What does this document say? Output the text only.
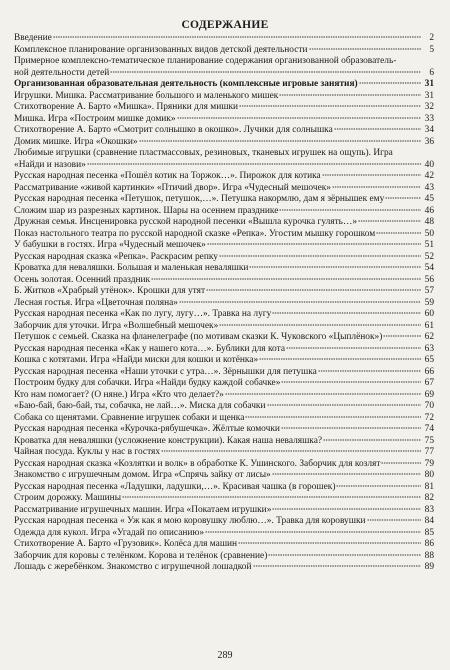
СОДЕРЖАНИЕ
Введение	2
Комплексное планирование организованных видов детской деятельности	5
Примерное комплексно-тематическое планирование содержания организованной образователь-
ной деятельности детей	6
Организованная образовательная деятельность (комплексные игровые занятия)	31
Игрушки. Мишка. Рассматривание большого и маленького мишек	31
Стихотворение А. Барто «Мишка». Пряники для мишки	32
Мишка. Игра «Построим мишке домик»	33
Стихотворение А. Барто «Смотрит солнышко в окошко». Лучики для солнышка	34
Домик мишке. Игра «Окошки»	36
Любимые игрушки (сравнение пластмассовых, резиновых, тканевых игрушек на ощупь). Игра
«Найди и назови»	40
Русская народная песенка «Пошёл котик на Торжок…». Пирожок для котика	42
Рассматривание «живой картинки» «Птичий двор». Игра «Чудесный мешочек»	43
Русская народная песенка «Петушок, петушок,…». Петушка накормлю, дам я зёрнышек ему	45
Сложим шар из разрезных картинок. Шары на осеннем празднике	46
Дружная семья. Инсценировка русской народной песенки «Вышла курочка гулять…»	48
Показ настольного театра по русской народной сказке «Репка». Угостим мышку горошком	50
У бабушки в гостях. Игра «Чудесный мешочек»	51
Русская народная сказка «Репка». Раскрасим репку	52
Кроватка для неваляшки. Большая и маленькая неваляшки	54
Осень золотая. Осенний праздник	56
Б. Житков «Храбрый утёнок». Крошки для утят	57
Лесная гостья. Игра «Цветочная поляна»	59
Русская народная песенка «Как по лугу, лугу…». Травка на лугу	60
Заборчик для уточки. Игра «Волшебный мешочек»	61
Петушок с семьей. Сказка на фланелеграфе (по мотивам сказки К. Чуковского «Цыплёнок»)	62
Русская народная песенка «Как у нашего кота…». Бублики для кота	63
Кошка с котятами. Игра «Найди миски для кошки и котёнка»	65
Русская народная песенка «Наши уточки с утра…». Зёрнышки для петушка	66
Построим будку для собачки. Игра «Найди будку каждой собачке»	67
Кто нам помогает? (О няне.) Игра «Кто что делает?»	69
«Баю-бай, баю-бай, ты, собачка, не лай…». Миска для собачки	70
Собака со щенятами. Сравнение игрушек собаки и щенка	72
Русская народная песенка «Курочка-рябушечка». Жёлтые комочки	74
Кроватка для неваляшки (усложнение конструкции). Какая наша неваляшка?	75
Чайная посуда. Куклы у нас в гостях	77
Русская народная сказка «Козлятки и волк» в обработке К. Ушинского. Заборчик для козлят	79
Знакомство с игрушечным домом. Игра «Спрячь зайку от лисы»	80
Русская народная песенка «Ладушки, ладушки,…». Красивая чашка (в горошек)	81
Строим дорожку. Машины	82
Рассматривание игрушечных машин. Игра «Покатаем игрушки»	83
Русская народная песенка « Уж как я мою коровушку люблю…». Травка для коровушки	84
Одежда для кукол. Игра «Угадай по описанию»	85
Стихотворение А. Барто «Грузовик». Колёса для машин	86
Заборчик для коровы с телёнком. Корова и телёнок (сравнение)	88
Лошадь с жеребёнком. Знакомство с игрушечной лошадкой	89
289
